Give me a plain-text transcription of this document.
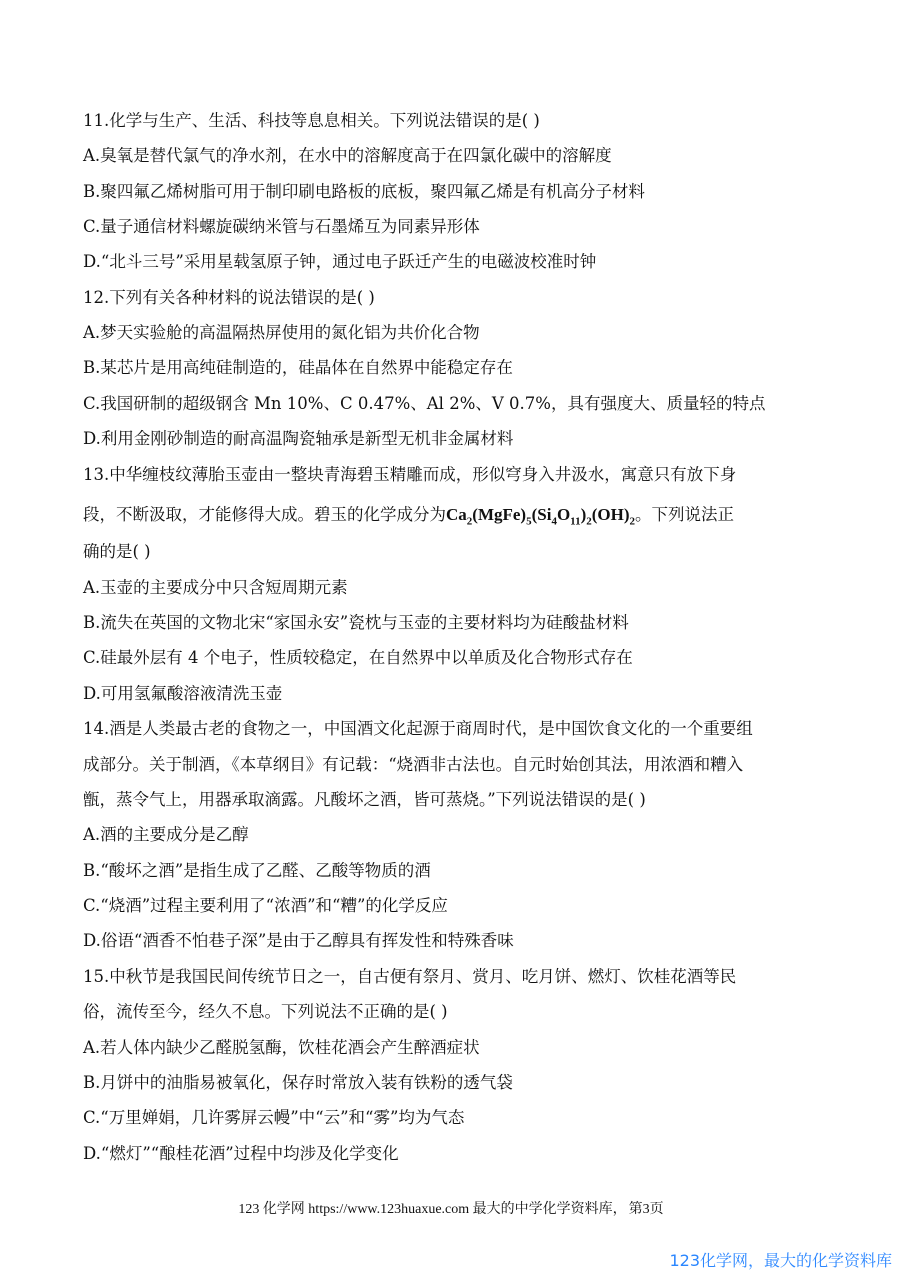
11.化学与生产、生活、科技等息息相关。下列说法错误的是( )
A.臭氧是替代氯气的净水剂，在水中的溶解度高于在四氯化碳中的溶解度
B.聚四氟乙烯树脂可用于制印刷电路板的底板，聚四氟乙烯是有机高分子材料
C.量子通信材料螺旋碳纳米管与石墨烯互为同素异形体
D.“北斗三号”采用星载氢原子钟，通过电子跃迁产生的电磁波校准时钟
12.下列有关各种材料的说法错误的是( )
A.梦天实验舱的高温隔热屏使用的氮化铝为共价化合物
B.某芯片是用高纯硅制造的，硅晶体在自然界中能稳定存在
C.我国研制的超级钢含 Mn 10%、C 0.47%、Al 2%、V 0.7%，具有强度大、质量轻的特点
D.利用金刚砂制造的耐高温陶瓷轴承是新型无机非金属材料
13.中华缠枝纹薄胎玉壶由一整块青海碧玉精雕而成，形似穹身入井汲水，寓意只有放下身
段，不断汲取，才能修得大成。碧玉的化学成分为$Ca_2(MgFe)_5(Si_4O_{11})_2(OH)_2$。下列说法正
确的是( )
A.玉壶的主要成分中只含短周期元素
B.流失在英国的文物北宋“家国永安”瓷枕与玉壶的主要材料均为硅酸盐材料
C.硅最外层有 4 个电子，性质较稳定，在自然界中以单质及化合物形式存在
D.可用氢氟酸溶液清洗玉壶
14.酒是人类最古老的食物之一，中国酒文化起源于商周时代，是中国饮食文化的一个重要组
成部分。关于制酒，《本草纲目》有记载：“烧酒非古法也。自元时始创其法，用浓酒和糟入
甑，蒸令气上，用器承取滴露。凡酸坏之酒，皆可蒸烧。”下列说法错误的是( )
A.酒的主要成分是乙醇
B.“酸坏之酒”是指生成了乙醛、乙酸等物质的酒
C.“烧酒”过程主要利用了“浓酒”和“糟”的化学反应
D.俗语“酒香不怕巷子深”是由于乙醇具有挥发性和特殊香味
15.中秋节是我国民间传统节日之一，自古便有祭月、赏月、吃月饼、燃灯、饮桂花酒等民
俗，流传至今，经久不息。下列说法不正确的是( )
A.若人体内缺少乙醛脱氢酶，饮桂花酒会产生醉酒症状
B.月饼中的油脂易被氧化，保存时常放入装有铁粉的透气袋
C.“万里婵娟，几许雾屏云幔”中“云”和“雾”均为气态
D.“燃灯”“酿桂花酒”过程中均涉及化学变化
123 化学网 https://www.123huaxue.com 最大的中学化学资料库， 第3页
123化学网，最大的化学资料库
